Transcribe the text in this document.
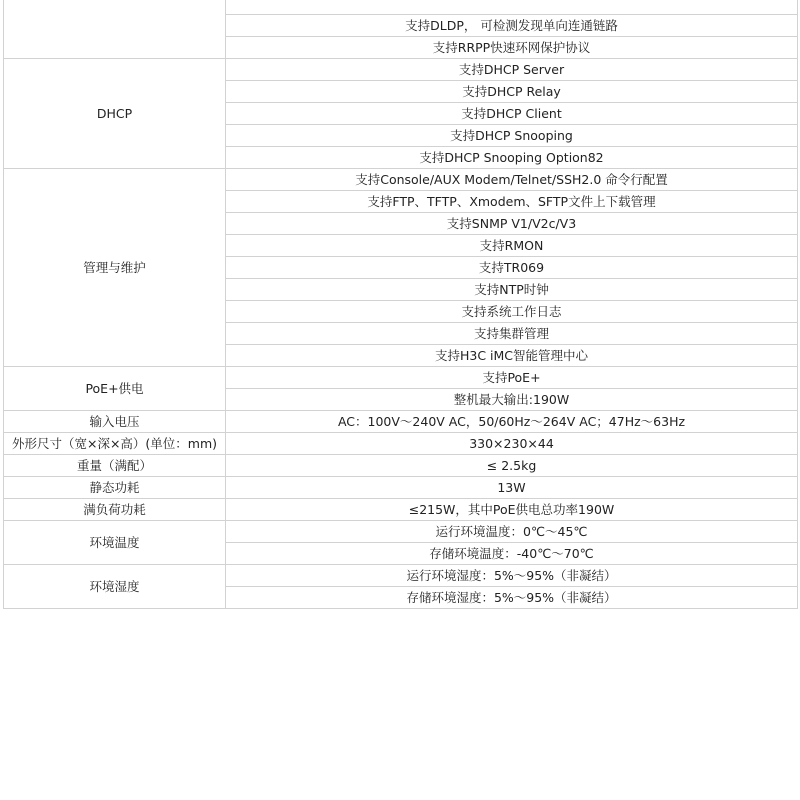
	支持DLDP， 可检测发现单向连通链路
	支持RRPP快速环网保护协议
DHCP	支持DHCP Server
	支持DHCP Relay
	支持DHCP Client
	支持DHCP Snooping
	支持DHCP Snooping Option82
管理与维护	支持Console/AUX Modem/Telnet/SSH2.0 命令行配置
	支持FTP、TFTP、Xmodem、SFTP文件上下载管理
	支持SNMP V1/V2c/V3
	支持RMON
	支持TR069
	支持NTP时钟
	支持系统工作日志
	支持集群管理
	支持H3C iMC智能管理中心
PoE+供电	支持PoE+
	整机最大输出:190W
输入电压	AC：100V～240V AC，50/60Hz～264V AC；47Hz～63Hz
外形尺寸（宽×深×高）(单位：mm)	330×230×44
重量（满配）	≤ 2.5kg
静态功耗	13W
满负荷功耗	≤215W，其中PoE供电总功率190W
环境温度	运行环境温度：0℃～45℃
	存储环境温度：-40℃～70℃
环境湿度	运行环境湿度：5%～95%（非凝结）
	存储环境湿度：5%～95%（非凝结）
